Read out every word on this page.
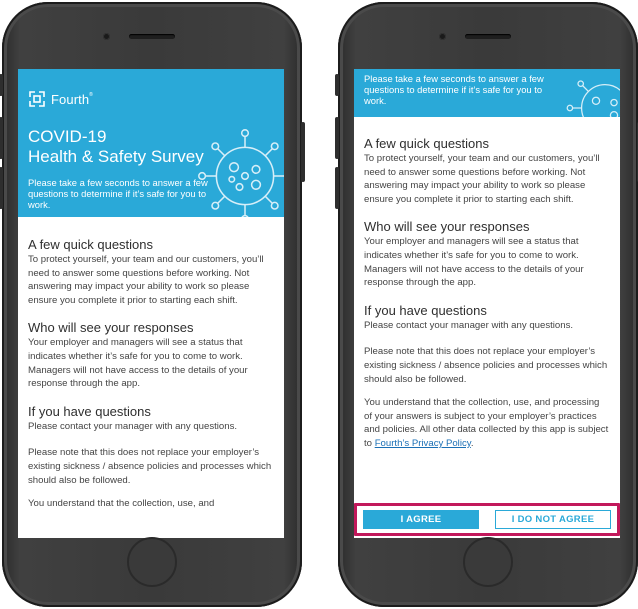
Fourth®
COVID-19
Health & Safety Survey

Please take a few seconds to answer a few questions to determine if it’s safe for you to work.

A few quick questions

To protect yourself, your team and our customers, you’ll need to answer some questions before working. Not answering may impact your ability to work so please ensure you complete it prior to starting each shift.

Who will see your responses

Your employer and managers will see a status that indicates whether it’s safe for you to come to work. Managers will not have access to the details of your response through the app.

If you have questions

Please contact your manager with any questions.

Please note that this does not replace your employer’s existing sickness / absence policies and processes which should also be followed.

You understand that the collection, use, and

Please take a few seconds to answer a few questions to determine if it’s safe for you to work.

A few quick questions

To protect yourself, your team and our customers, you’ll need to answer some questions before working. Not answering may impact your ability to work so please ensure you complete it prior to starting each shift.

Who will see your responses

Your employer and managers will see a status that indicates whether it’s safe for you to come to work. Managers will not have access to the details of your response through the app.

If you have questions

Please contact your manager with any questions.

Please note that this does not replace your employer’s existing sickness / absence policies and processes which should also be followed.

You understand that the collection, use, and processing of your answers is subject to your employer’s practices and policies. All other data collected by this app is subject to Fourth’s Privacy Policy.

I AGREE	I DO NOT AGREE
